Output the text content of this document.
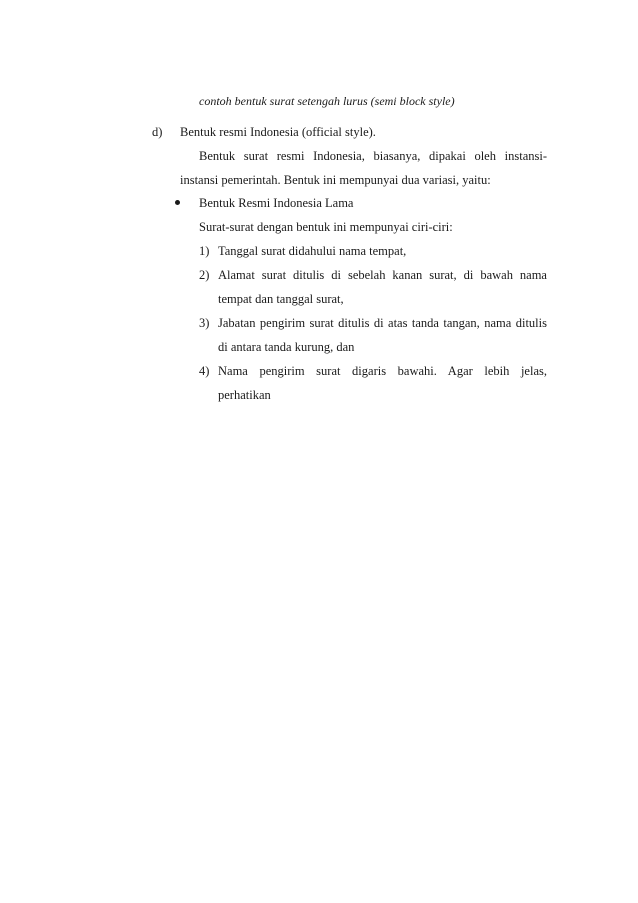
contoh bentuk surat setengah lurus (semi block style)
d) Bentuk resmi Indonesia (official style).
Bentuk surat resmi Indonesia, biasanya, dipakai oleh instansi-
instansi pemerintah. Bentuk ini mempunyai dua variasi, yaitu:
Bentuk Resmi Indonesia Lama
Surat-surat dengan bentuk ini mempunyai ciri-ciri:
1) Tanggal surat didahului nama tempat,
2) Alamat surat ditulis di sebelah kanan surat, di bawah nama
tempat dan tanggal surat,
3) Jabatan pengirim surat ditulis di atas tanda tangan, nama ditulis
di antara tanda kurung, dan
4) Nama pengirim surat digaris bawahi. Agar lebih jelas,
perhatikan
